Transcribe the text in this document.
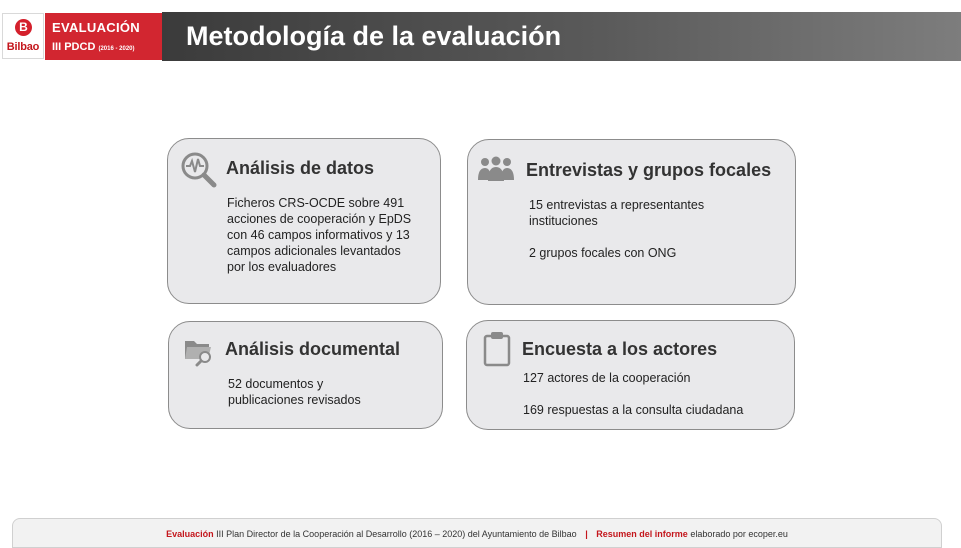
B
Bilbao
EVALUACIÓN
III PDCD (2016 - 2020) Metodología de la evaluación
Análisis de datos

Ficheros CRS-OCDE sobre 491 acciones de cooperación y EpDS con 46 campos informativos y 13 campos adicionales levantados por los evaluadores

Entrevistas y grupos focales

15 entrevistas a representantes instituciones

2 grupos focales con ONG

Análisis documental

52 documentos y publicaciones revisados

Encuesta a los actores

127 actores de la cooperación

169 respuestas a la consulta ciudadana

Evaluación III Plan Director de la Cooperación al Desarrollo (2016 – 2020) del Ayuntamiento de Bilbao | Resumen del informe elaborado por ecoper.eu
